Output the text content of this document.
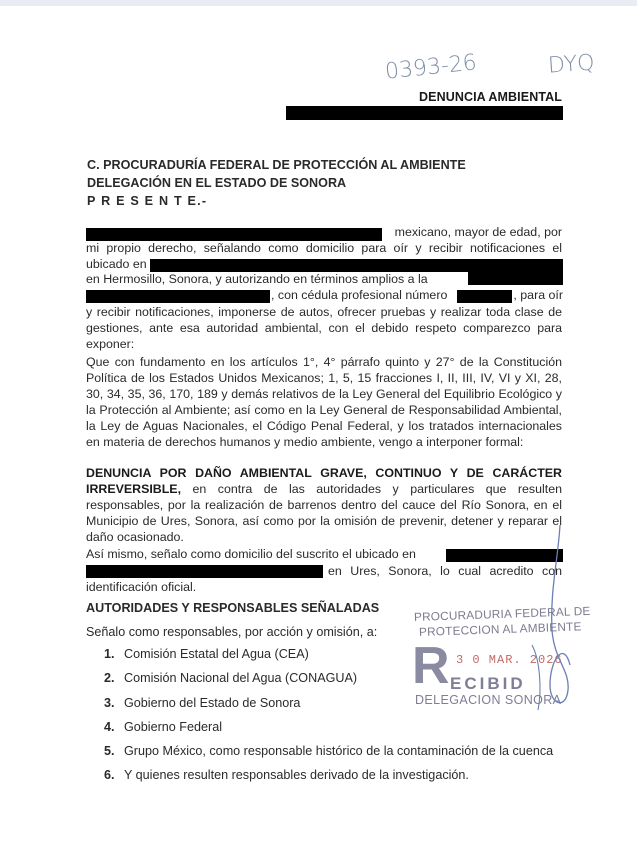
0393-26	DYQ
DENUNCIA AMBIENTAL
C. PROCURADURÍA FEDERAL DE PROTECCIÓN AL AMBIENTE
DELEGACIÓN EN EL ESTADO DE SONORA
P R E S E N T E.-
mexicano, mayor de edad, por
mi propio derecho, señalando como domicilio para oír y recibir notificaciones el
ubicado en
en Hermosillo, Sonora, y autorizando en términos amplios a la
, con cédula profesional número	, para oír
y recibir notificaciones, imponerse de autos, ofrecer pruebas y realizar toda clase de gestiones, ante esa autoridad ambiental, con el debido respeto comparezco para exponer:
Que con fundamento en los artículos 1°, 4° párrafo quinto y 27° de la Constitución Política de los Estados Unidos Mexicanos; 1, 5, 15 fracciones I, II, III, IV, VI y XI, 28, 30, 34, 35, 36, 170, 189 y demás relativos de la Ley General del Equilibrio Ecológico y la Protección al Ambiente; así como en la Ley General de Responsabilidad Ambiental, la Ley de Aguas Nacionales, el Código Penal Federal, y los tratados internacionales en materia de derechos humanos y medio ambiente, vengo a interponer formal:
DENUNCIA POR DAÑO AMBIENTAL GRAVE, CONTINUO Y DE CARÁCTER IRREVERSIBLE, en contra de las autoridades y particulares que resulten responsables, por la realización de barrenos dentro del cauce del Río Sonora, en el Municipio de Ures, Sonora, así como por la omisión de prevenir, detener y reparar el daño ocasionado.
Así mismo, señalo como domicilio del suscrito el ubicado en
en Ures, Sonora, lo cual acredito con identificación oficial.
AUTORIDADES Y RESPONSABLES SEÑALADAS
Señalo como responsables, por acción y omisión, a:
1. Comisión Estatal del Agua (CEA)
2. Comisión Nacional del Agua (CONAGUA)
3. Gobierno del Estado de Sonora
4. Gobierno Federal
5. Grupo México, como responsable histórico de la contaminación de la cuenca
6. Y quienes resulten responsables derivado de la investigación.
PROCURADURIA FEDERAL DE
PROTECCION AL AMBIENTE
R 3 0 MAR. 2026
ECIBID
DELEGACION SONORA
